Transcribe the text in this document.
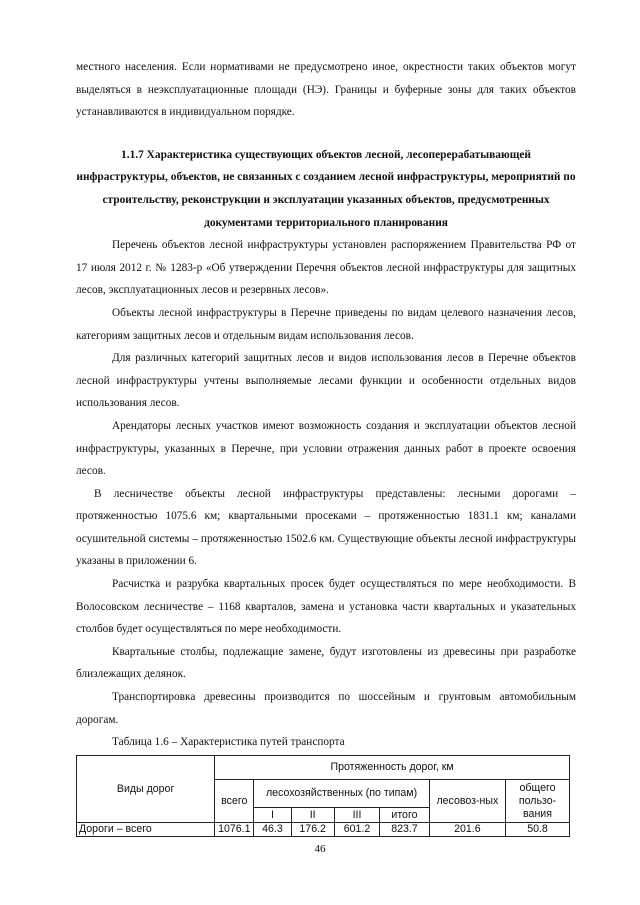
местного населения. Если нормативами не предусмотрено иное, окрестности таких объектов могут выделяться в неэксплуатационные площади (НЭ). Границы и буферные зоны для таких объектов устанавливаются в индивидуальном порядке.

1.1.7 Характеристика существующих объектов лесной, лесоперерабатывающей инфраструктуры, объектов, не связанных с созданием лесной инфраструктуры, мероприятий по строительству, реконструкции и эксплуатации указанных объектов, предусмотренных документами территориального планирования

Перечень объектов лесной инфраструктуры установлен распоряжением Правительства РФ от 17 июля 2012 г. № 1283-р «Об утверждении Перечня объектов лесной инфраструктуры для защитных лесов, эксплуатационных лесов и резервных лесов».

Объекты лесной инфраструктуры в Перечне приведены по видам целевого назначения лесов, категориям защитных лесов и отдельным видам использования лесов.

Для различных категорий защитных лесов и видов использования лесов в Перечне объектов лесной инфраструктуры учтены выполняемые лесами функции и особенности отдельных видов использования лесов.

Арендаторы лесных участков имеют возможность создания и эксплуатации объектов лесной инфраструктуры, указанных в Перечне, при условии отражения данных работ в проекте освоения лесов.

В лесничестве объекты лесной инфраструктуры представлены: лесными дорогами – протяженностью 1075.6 км; квартальными просеками – протяженностью 1831.1 км; каналами осушительной системы – протяженностью 1502.6 км. Существующие объекты лесной инфраструктуры указаны в приложении 6.

Расчистка и разрубка квартальных просек будет осуществляться по мере необходимости. В Волосовском лесничестве – 1168 кварталов, замена и установка части квартальных и указательных столбов будет осуществляться по мере необходимости.

Квартальные столбы, подлежащие замене, будут изготовлены из древесины при разработке близлежащих делянок.

Транспортировка древесины производится по шоссейным и грунтовым автомобильным дорогам.

Таблица 1.6 – Характеристика путей транспорта
Виды дорог	Протяженность дорог, км						
	всего	лесохозяйственных (по типам)				лесовоз-ных	общего пользо-вания
		I	II	III	итого		
Дороги – всего	1076.1	46.3	176.2	601.2	823.7	201.6	50.8
46
